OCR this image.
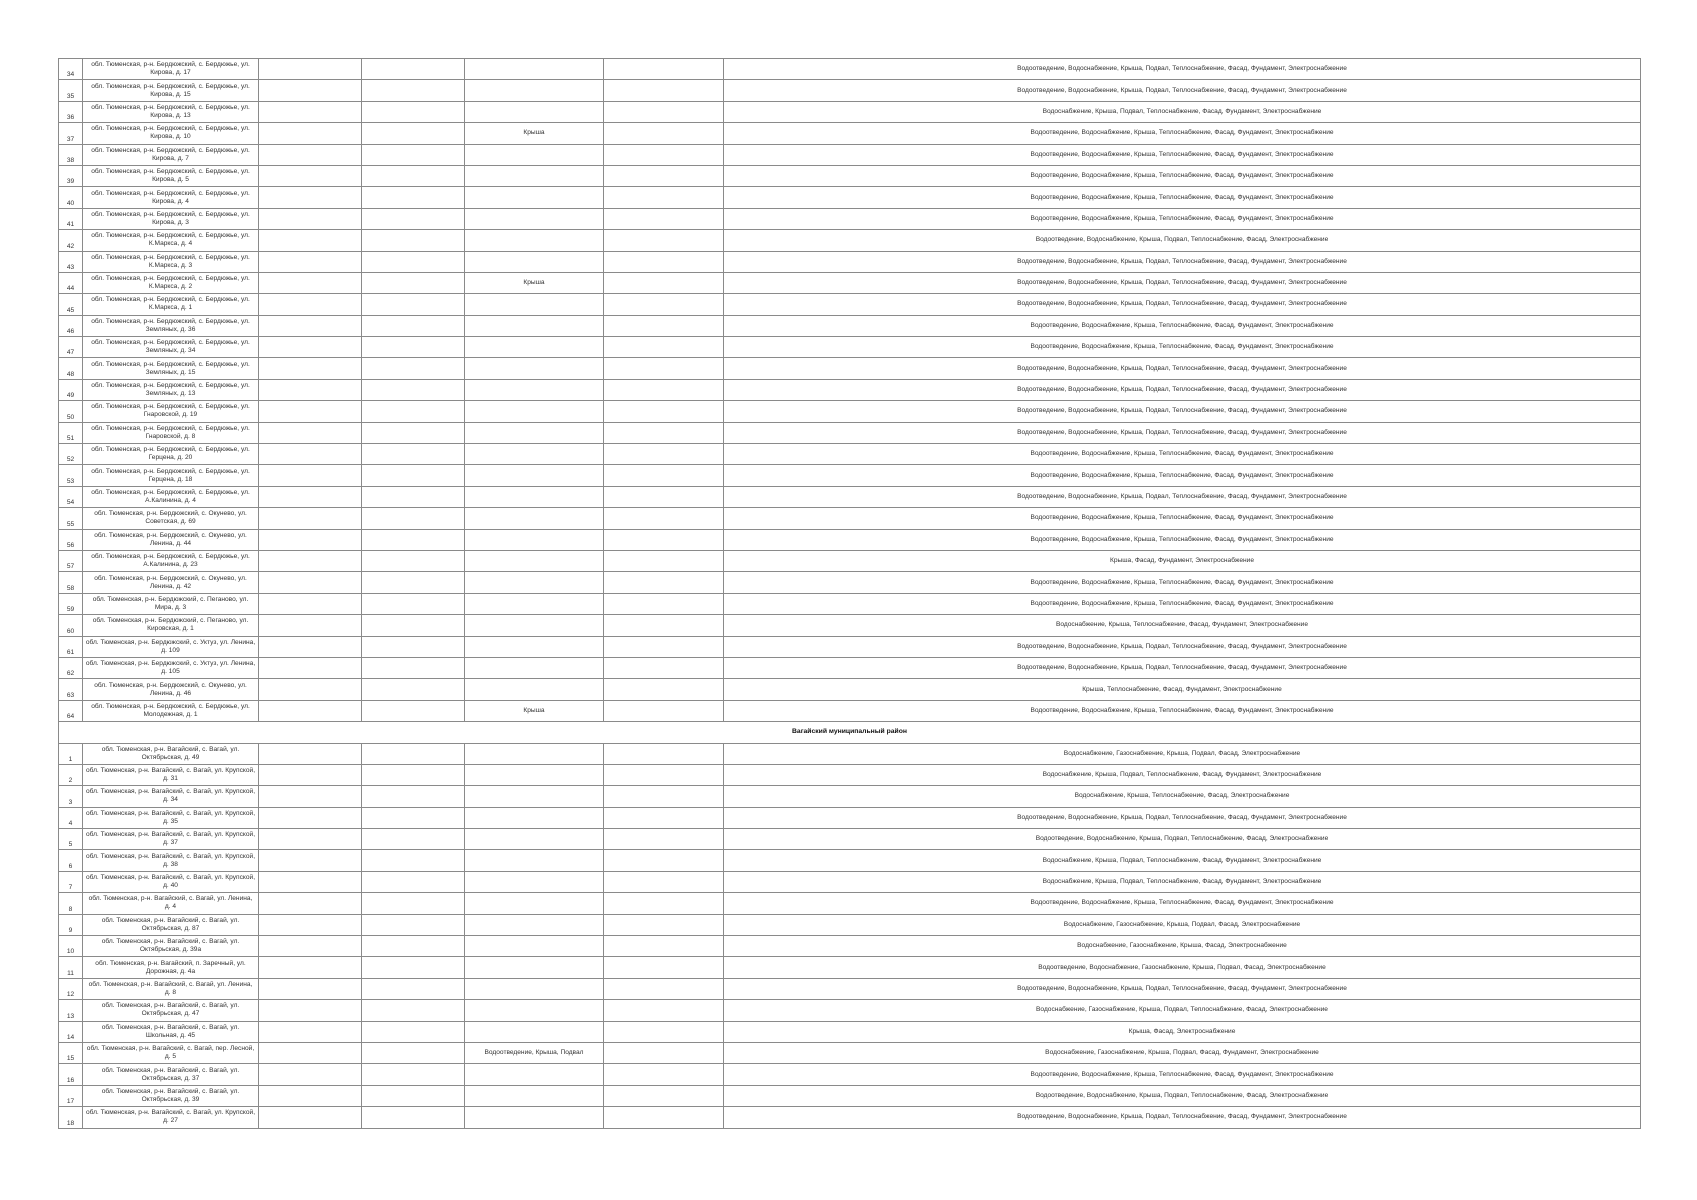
34	обл. Тюменская, р-н. Бердюжский, с. Бердюжье, ул. Кирова, д. 17					Водоотведение, Водоснабжение, Крыша, Подвал, Теплоснабжение, Фасад, Фундамент, Электроснабжение
35	обл. Тюменская, р-н. Бердюжский, с. Бердюжье, ул. Кирова, д. 15					Водоотведение, Водоснабжение, Крыша, Подвал, Теплоснабжение, Фасад, Фундамент, Электроснабжение
36	обл. Тюменская, р-н. Бердюжский, с. Бердюжье, ул. Кирова, д. 13					Водоснабжение, Крыша, Подвал, Теплоснабжение, Фасад, Фундамент, Электроснабжение
37	обл. Тюменская, р-н. Бердюжский, с. Бердюжье, ул. Кирова, д. 10			Крыша		Водоотведение, Водоснабжение, Крыша, Теплоснабжение, Фасад, Фундамент, Электроснабжение
38	обл. Тюменская, р-н. Бердюжский, с. Бердюжье, ул. Кирова, д. 7					Водоотведение, Водоснабжение, Крыша, Теплоснабжение, Фасад, Фундамент, Электроснабжение
39	обл. Тюменская, р-н. Бердюжский, с. Бердюжье, ул. Кирова, д. 5					Водоотведение, Водоснабжение, Крыша, Теплоснабжение, Фасад, Фундамент, Электроснабжение
40	обл. Тюменская, р-н. Бердюжский, с. Бердюжье, ул. Кирова, д. 4					Водоотведение, Водоснабжение, Крыша, Теплоснабжение, Фасад, Фундамент, Электроснабжение
41	обл. Тюменская, р-н. Бердюжский, с. Бердюжье, ул. Кирова, д. 3					Водоотведение, Водоснабжение, Крыша, Теплоснабжение, Фасад, Фундамент, Электроснабжение
42	обл. Тюменская, р-н. Бердюжский, с. Бердюжье, ул. К.Маркса, д. 4					Водоотведение, Водоснабжение, Крыша, Подвал, Теплоснабжение, Фасад, Электроснабжение
43	обл. Тюменская, р-н. Бердюжский, с. Бердюжье, ул. К.Маркса, д. 3					Водоотведение, Водоснабжение, Крыша, Подвал, Теплоснабжение, Фасад, Фундамент, Электроснабжение
44	обл. Тюменская, р-н. Бердюжский, с. Бердюжье, ул. К.Маркса, д. 2			Крыша		Водоотведение, Водоснабжение, Крыша, Подвал, Теплоснабжение, Фасад, Фундамент, Электроснабжение
45	обл. Тюменская, р-н. Бердюжский, с. Бердюжье, ул. К.Маркса, д. 1					Водоотведение, Водоснабжение, Крыша, Подвал, Теплоснабжение, Фасад, Фундамент, Электроснабжение
46	обл. Тюменская, р-н. Бердюжский, с. Бердюжье, ул. Земляных, д. 36					Водоотведение, Водоснабжение, Крыша, Теплоснабжение, Фасад, Фундамент, Электроснабжение
47	обл. Тюменская, р-н. Бердюжский, с. Бердюжье, ул. Земляных, д. 34					Водоотведение, Водоснабжение, Крыша, Теплоснабжение, Фасад, Фундамент, Электроснабжение
48	обл. Тюменская, р-н. Бердюжский, с. Бердюжье, ул. Земляных, д. 15					Водоотведение, Водоснабжение, Крыша, Подвал, Теплоснабжение, Фасад, Фундамент, Электроснабжение
49	обл. Тюменская, р-н. Бердюжский, с. Бердюжье, ул. Земляных, д. 13					Водоотведение, Водоснабжение, Крыша, Подвал, Теплоснабжение, Фасад, Фундамент, Электроснабжение
50	обл. Тюменская, р-н. Бердюжский, с. Бердюжье, ул. Гнаровской, д. 19					Водоотведение, Водоснабжение, Крыша, Подвал, Теплоснабжение, Фасад, Фундамент, Электроснабжение
51	обл. Тюменская, р-н. Бердюжский, с. Бердюжье, ул. Гнаровской, д. 8					Водоотведение, Водоснабжение, Крыша, Подвал, Теплоснабжение, Фасад, Фундамент, Электроснабжение
52	обл. Тюменская, р-н. Бердюжский, с. Бердюжье, ул. Герцена, д. 20					Водоотведение, Водоснабжение, Крыша, Теплоснабжение, Фасад, Фундамент, Электроснабжение
53	обл. Тюменская, р-н. Бердюжский, с. Бердюжье, ул. Герцена, д. 18					Водоотведение, Водоснабжение, Крыша, Теплоснабжение, Фасад, Фундамент, Электроснабжение
54	обл. Тюменская, р-н. Бердюжский, с. Бердюжье, ул. А.Калинина, д. 4					Водоотведение, Водоснабжение, Крыша, Подвал, Теплоснабжение, Фасад, Фундамент, Электроснабжение
55	обл. Тюменская, р-н. Бердюжский, с. Окунево, ул. Советская, д. 69					Водоотведение, Водоснабжение, Крыша, Теплоснабжение, Фасад, Фундамент, Электроснабжение
56	обл. Тюменская, р-н. Бердюжский, с. Окунево, ул. Ленина, д. 44					Водоотведение, Водоснабжение, Крыша, Теплоснабжение, Фасад, Фундамент, Электроснабжение
57	обл. Тюменская, р-н. Бердюжский, с. Бердюжье, ул. А.Калинина, д. 23					Крыша, Фасад, Фундамент, Электроснабжение
58	обл. Тюменская, р-н. Бердюжский, с. Окунево, ул. Ленина, д. 42					Водоотведение, Водоснабжение, Крыша, Теплоснабжение, Фасад, Фундамент, Электроснабжение
59	обл. Тюменская, р-н. Бердюжский, с. Пеганово, ул. Мира, д. 3					Водоотведение, Водоснабжение, Крыша, Теплоснабжение, Фасад, Фундамент, Электроснабжение
60	обл. Тюменская, р-н. Бердюжский, с. Пеганово, ул. Кировская, д. 1					Водоснабжение, Крыша, Теплоснабжение, Фасад, Фундамент, Электроснабжение
61	обл. Тюменская, р-н. Бердюжский, с. Уктуз, ул. Ленина, д. 109					Водоотведение, Водоснабжение, Крыша, Подвал, Теплоснабжение, Фасад, Фундамент, Электроснабжение
62	обл. Тюменская, р-н. Бердюжский, с. Уктуз, ул. Ленина, д. 105					Водоотведение, Водоснабжение, Крыша, Подвал, Теплоснабжение, Фасад, Фундамент, Электроснабжение
63	обл. Тюменская, р-н. Бердюжский, с. Окунево, ул. Ленина, д. 46					Крыша, Теплоснабжение, Фасад, Фундамент, Электроснабжение
64	обл. Тюменская, р-н. Бердюжский, с. Бердюжье, ул. Молодежная, д. 1			Крыша		Водоотведение, Водоснабжение, Крыша, Теплоснабжение, Фасад, Фундамент, Электроснабжение
Вагайский муниципальный район						
1	обл. Тюменская, р-н. Вагайский, с. Вагай, ул. Октябрьская, д. 49					Водоснабжение, Газоснабжение, Крыша, Подвал, Фасад, Электроснабжение
2	обл. Тюменская, р-н. Вагайский, с. Вагай, ул. Крупской, д. 31					Водоснабжение, Крыша, Подвал, Теплоснабжение, Фасад, Фундамент, Электроснабжение
3	обл. Тюменская, р-н. Вагайский, с. Вагай, ул. Крупской, д. 34					Водоснабжение, Крыша, Теплоснабжение, Фасад, Электроснабжение
4	обл. Тюменская, р-н. Вагайский, с. Вагай, ул. Крупской, д. 35					Водоотведение, Водоснабжение, Крыша, Подвал, Теплоснабжение, Фасад, Фундамент, Электроснабжение
5	обл. Тюменская, р-н. Вагайский, с. Вагай, ул. Крупской, д. 37					Водоотведение, Водоснабжение, Крыша, Подвал, Теплоснабжение, Фасад, Электроснабжение
6	обл. Тюменская, р-н. Вагайский, с. Вагай, ул. Крупской, д. 38					Водоснабжение, Крыша, Подвал, Теплоснабжение, Фасад, Фундамент, Электроснабжение
7	обл. Тюменская, р-н. Вагайский, с. Вагай, ул. Крупской, д. 40					Водоснабжение, Крыша, Подвал, Теплоснабжение, Фасад, Фундамент, Электроснабжение
8	обл. Тюменская, р-н. Вагайский, с. Вагай, ул. Ленина, д. 4					Водоотведение, Водоснабжение, Крыша, Теплоснабжение, Фасад, Фундамент, Электроснабжение
9	обл. Тюменская, р-н. Вагайский, с. Вагай, ул. Октябрьская, д. 87					Водоснабжение, Газоснабжение, Крыша, Подвал, Фасад, Электроснабжение
10	обл. Тюменская, р-н. Вагайский, с. Вагай, ул. Октябрьская, д. 39а					Водоснабжение, Газоснабжение, Крыша, Фасад, Электроснабжение
11	обл. Тюменская, р-н. Вагайский, п. Заречный, ул. Дорожная, д. 4а					Водоотведение, Водоснабжение, Газоснабжение, Крыша, Подвал, Фасад, Электроснабжение
12	обл. Тюменская, р-н. Вагайский, с. Вагай, ул. Ленина, д. 8					Водоотведение, Водоснабжение, Крыша, Подвал, Теплоснабжение, Фасад, Фундамент, Электроснабжение
13	обл. Тюменская, р-н. Вагайский, с. Вагай, ул. Октябрьская, д. 47					Водоснабжение, Газоснабжение, Крыша, Подвал, Теплоснабжение, Фасад, Электроснабжение
14	обл. Тюменская, р-н. Вагайский, с. Вагай, ул. Школьная, д. 45					Крыша, Фасад, Электроснабжение
15	обл. Тюменская, р-н. Вагайский, с. Вагай, пер. Лесной, д. 5			Водоотведение, Крыша, Подвал		Водоснабжение, Газоснабжение, Крыша, Подвал, Фасад, Фундамент, Электроснабжение
16	обл. Тюменская, р-н. Вагайский, с. Вагай, ул. Октябрьская, д. 37					Водоотведение, Водоснабжение, Крыша, Теплоснабжение, Фасад, Фундамент, Электроснабжение
17	обл. Тюменская, р-н. Вагайский, с. Вагай, ул. Октябрьская, д. 39					Водоотведение, Водоснабжение, Крыша, Подвал, Теплоснабжение, Фасад, Электроснабжение
18	обл. Тюменская, р-н. Вагайский, с. Вагай, ул. Крупской, д. 27					Водоотведение, Водоснабжение, Крыша, Подвал, Теплоснабжение, Фасад, Фундамент, Электроснабжение
